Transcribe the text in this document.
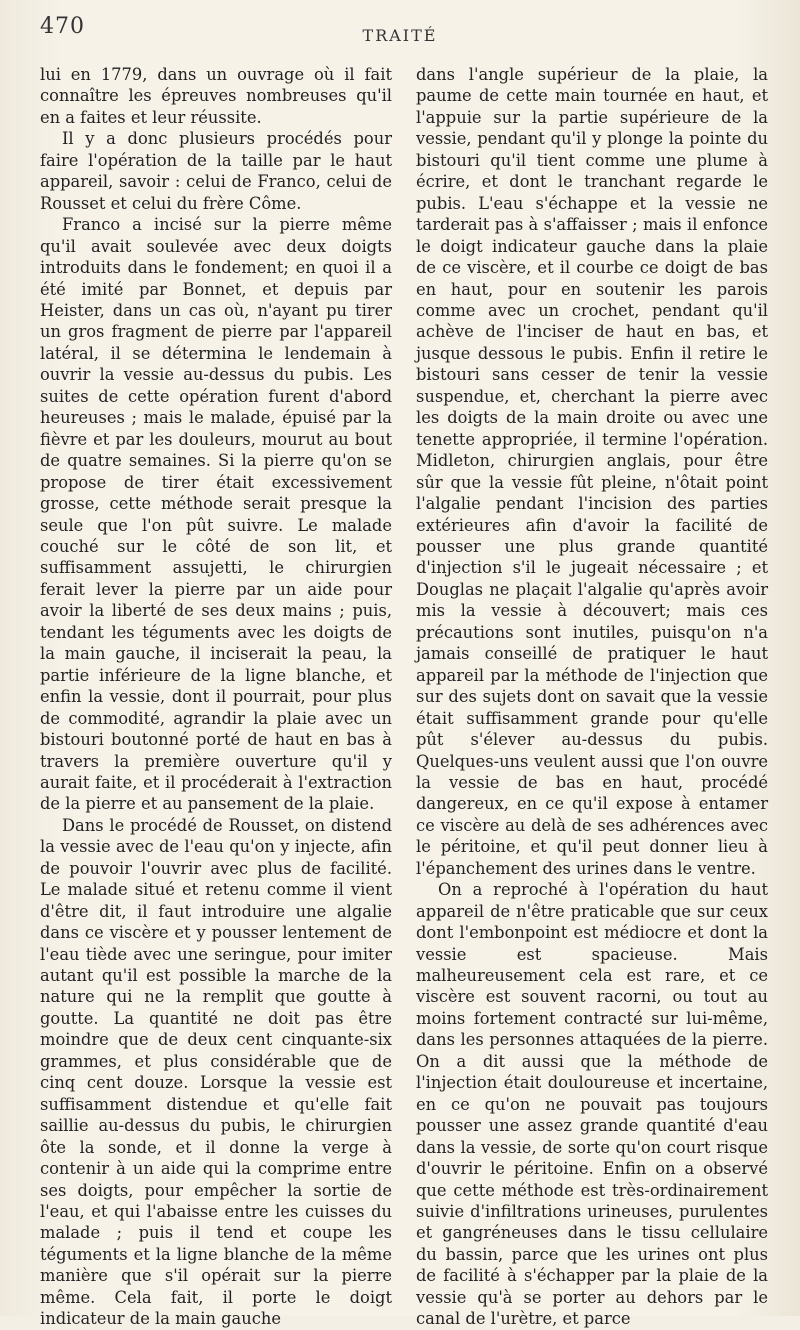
470	TRAITÉ

lui en 1779, dans un ouvrage où il fait connaître les épreuves nombreuses qu'il en a faites et leur réussite.

Il y a donc plusieurs procédés pour faire l'opération de la taille par le haut appareil, savoir : celui de Franco, celui de Rousset et celui du frère Côme.

Franco a incisé sur la pierre même qu'il avait soulevée avec deux doigts introduits dans le fondement; en quoi il a été imité par Bonnet, et depuis par Heister, dans un cas où, n'ayant pu tirer un gros fragment de pierre par l'appareil latéral, il se détermina le lendemain à ouvrir la vessie au-dessus du pubis. Les suites de cette opération furent d'abord heureuses ; mais le malade, épuisé par la fièvre et par les douleurs, mourut au bout de quatre semaines. Si la pierre qu'on se propose de tirer était excessivement grosse, cette méthode serait presque la seule que l'on pût suivre. Le malade couché sur le côté de son lit, et suffisamment assujetti, le chirurgien ferait lever la pierre par un aide pour avoir la liberté de ses deux mains ; puis, tendant les téguments avec les doigts de la main gauche, il inciserait la peau, la partie inférieure de la ligne blanche, et enfin la vessie, dont il pourrait, pour plus de commodité, agrandir la plaie avec un bistouri boutonné porté de haut en bas à travers la première ouverture qu'il y aurait faite, et il procéderait à l'extraction de la pierre et au pansement de la plaie.

Dans le procédé de Rousset, on distend la vessie avec de l'eau qu'on y injecte, afin de pouvoir l'ouvrir avec plus de facilité. Le malade situé et retenu comme il vient d'être dit, il faut introduire une algalie dans ce viscère et y pousser lentement de l'eau tiède avec une seringue, pour imiter autant qu'il est possible la marche de la nature qui ne la remplit que goutte à goutte. La quantité ne doit pas être moindre que de deux cent cinquante-six grammes, et plus considérable que de cinq cent douze. Lorsque la vessie est suffisamment distendue et qu'elle fait saillie au-dessus du pubis, le chirurgien ôte la sonde, et il donne la verge à contenir à un aide qui la comprime entre ses doigts, pour empêcher la sortie de l'eau, et qui l'abaisse entre les cuisses du malade ; puis il tend et coupe les téguments et la ligne blanche de la même manière que s'il opérait sur la pierre même. Cela fait, il porte le doigt indicateur de la main gauche

dans l'angle supérieur de la plaie, la paume de cette main tournée en haut, et l'appuie sur la partie supérieure de la vessie, pendant qu'il y plonge la pointe du bistouri qu'il tient comme une plume à écrire, et dont le tranchant regarde le pubis. L'eau s'échappe et la vessie ne tarderait pas à s'affaisser ; mais il enfonce le doigt indicateur gauche dans la plaie de ce viscère, et il courbe ce doigt de bas en haut, pour en soutenir les parois comme avec un crochet, pendant qu'il achève de l'inciser de haut en bas, et jusque dessous le pubis. Enfin il retire le bistouri sans cesser de tenir la vessie suspendue, et, cherchant la pierre avec les doigts de la main droite ou avec une tenette appropriée, il termine l'opération. Midleton, chirurgien anglais, pour être sûr que la vessie fût pleine, n'ôtait point l'algalie pendant l'incision des parties extérieures afin d'avoir la facilité de pousser une plus grande quantité d'injection s'il le jugeait nécessaire ; et Douglas ne plaçait l'algalie qu'après avoir mis la vessie à découvert; mais ces précautions sont inutiles, puisqu'on n'a jamais conseillé de pratiquer le haut appareil par la méthode de l'injection que sur des sujets dont on savait que la vessie était suffisamment grande pour qu'elle pût s'élever au-dessus du pubis. Quelques-uns veulent aussi que l'on ouvre la vessie de bas en haut, procédé dangereux, en ce qu'il expose à entamer ce viscère au delà de ses adhérences avec le péritoine, et qu'il peut donner lieu à l'épanchement des urines dans le ventre.

On a reproché à l'opération du haut appareil de n'être praticable que sur ceux dont l'embonpoint est médiocre et dont la vessie est spacieuse. Mais malheureusement cela est rare, et ce viscère est souvent racorni, ou tout au moins fortement contracté sur lui-même, dans les personnes attaquées de la pierre. On a dit aussi que la méthode de l'injection était douloureuse et incertaine, en ce qu'on ne pouvait pas toujours pousser une assez grande quantité d'eau dans la vessie, de sorte qu'on court risque d'ouvrir le péritoine. Enfin on a observé que cette méthode est très-ordinairement suivie d'infiltrations urineuses, purulentes et gangréneuses dans le tissu cellulaire du bassin, parce que les urines ont plus de facilité à s'échapper par la plaie de la vessie qu'à se porter au dehors par le canal de l'urètre, et parce
